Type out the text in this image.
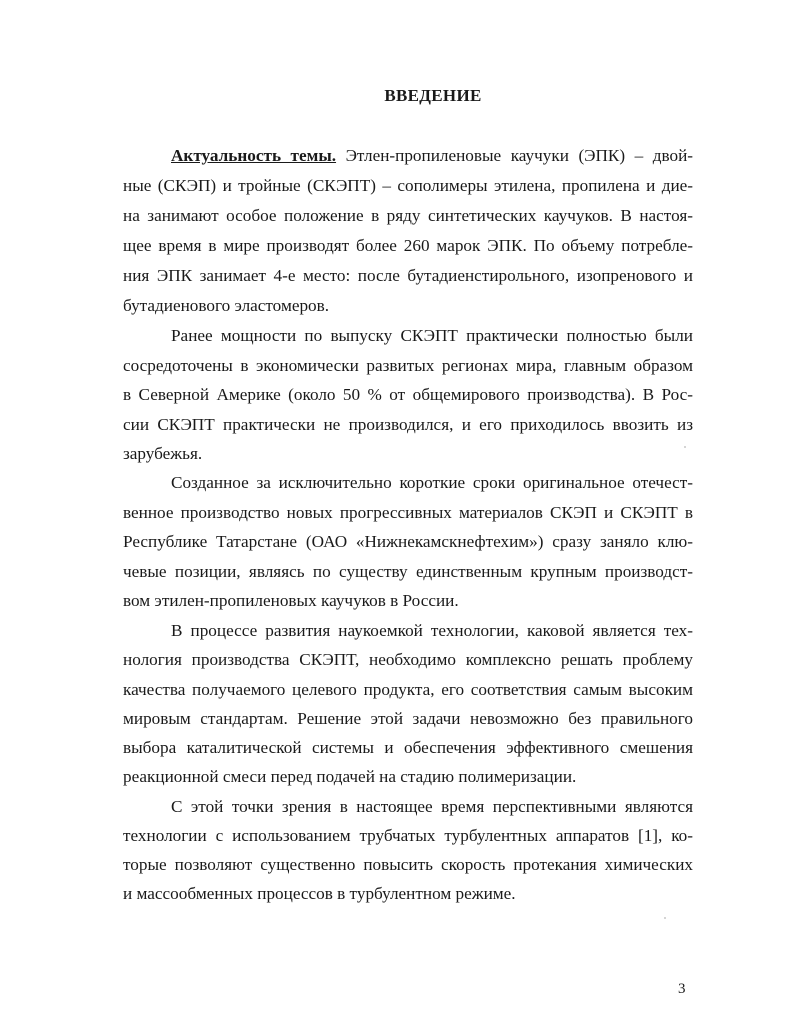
ВВЕДЕНИЕ
Актуальность темы. Этлен-пропиленовые каучуки (ЭПК) – двой-
ные (СКЭП) и тройные (СКЭПТ) – сополимеры этилена, пропилена и дие-
на занимают особое положение в ряду синтетических каучуков. В настоя-
щее время в мире производят более 260 марок ЭПК. По объему потребле-
ния ЭПК занимает 4-е место: после бутадиенстирольного, изопренового и
бутадиенового эластомеров.
Ранее мощности по выпуску СКЭПТ практически полностью были
сосредоточены в экономически развитых регионах мира, главным образом
в Северной Америке (около 50 % от общемирового производства). В Рос-
сии СКЭПТ практически не производился, и его приходилось ввозить из
зарубежья.
Созданное за исключительно короткие сроки оригинальное отечест-
венное производство новых прогрессивных материалов СКЭП и СКЭПТ в
Республике Татарстане (ОАО «Нижнекамскнефтехим») сразу заняло клю-
чевые позиции, являясь по существу единственным крупным производст-
вом этилен-пропиленовых каучуков в России.
В процессе развития наукоемкой технологии, каковой является тех-
нология производства СКЭПТ, необходимо комплексно решать проблему
качества получаемого целевого продукта, его соответствия самым высоким
мировым стандартам. Решение этой задачи невозможно без правильного
выбора каталитической системы и обеспечения эффективного смешения
реакционной смеси перед подачей на стадию полимеризации.
С этой точки зрения в настоящее время перспективными являются
технологии с использованием трубчатых турбулентных аппаратов [1], ко-
торые позволяют существенно повысить скорость протекания химических
и массообменных процессов в турбулентном режиме.
3
